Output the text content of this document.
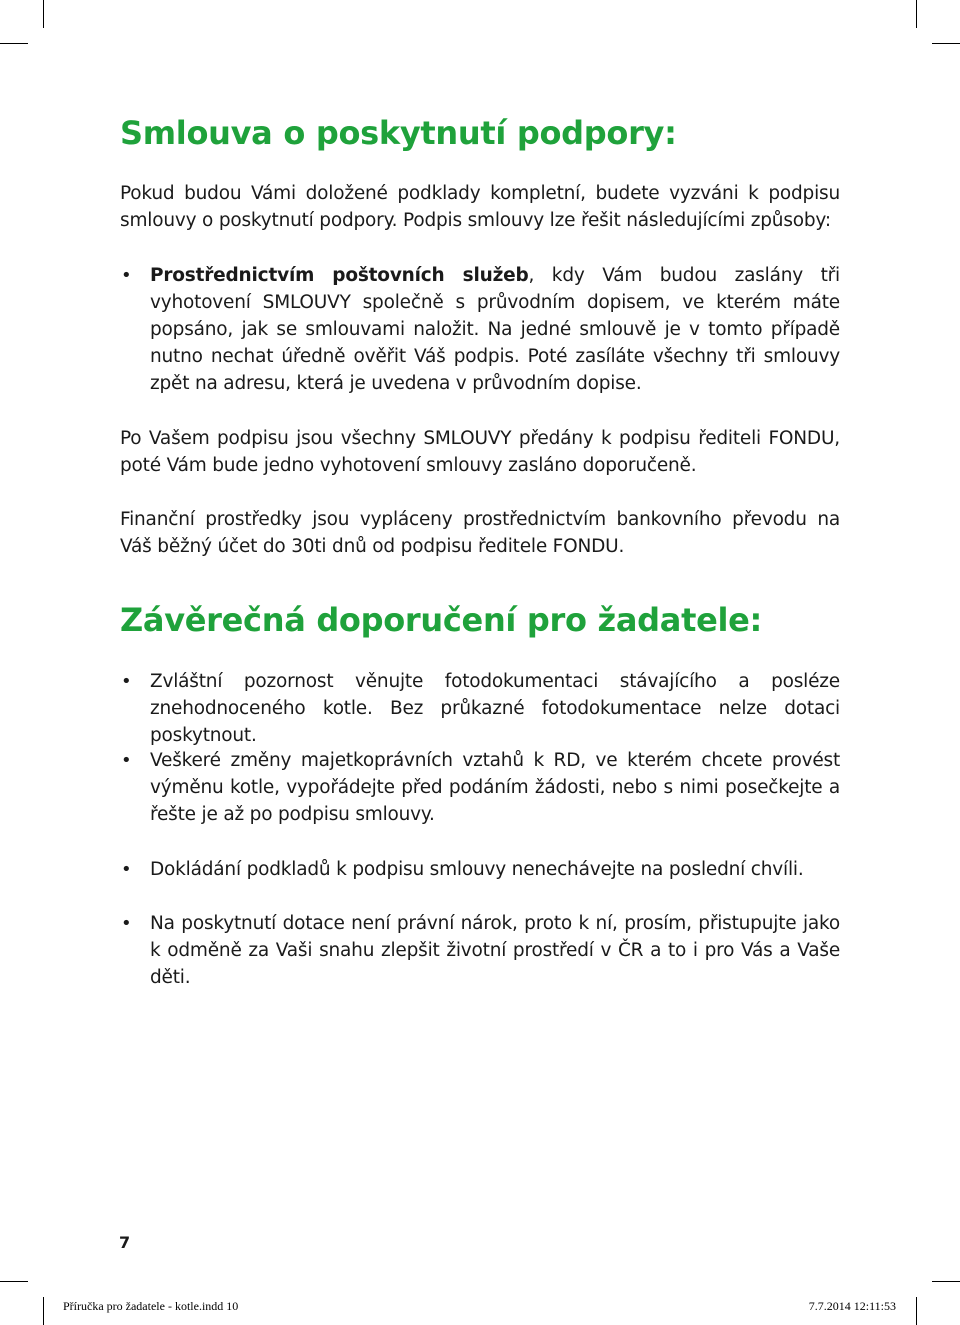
Smlouva o poskytnutí podpory:

Pokud budou Vámi doložené podklady kompletní, budete vyzváni k podpisu smlouvy o poskytnutí podpory. Podpis smlouvy lze řešit následujícími způsoby:

• Prostřednictvím poštovních služeb, kdy Vám budou zaslány tři vyhotovení SMLOUVY společně s průvodním dopisem, ve kterém máte popsáno, jak se smlouvami naložit. Na jedné smlouvě je v tomto případě nutno nechat úředně ověřit Váš podpis. Poté zasíláte všechny tři smlouvy zpět na adresu, která je uvedena v průvodním dopise.

Po Vašem podpisu jsou všechny SMLOUVY předány k podpisu řediteli FONDU, poté Vám bude jedno vyhotovení smlouvy zasláno doporučeně.

Finanční prostředky jsou vypláceny prostřednictvím bankovního převodu na Váš běžný účet do 30ti dnů od podpisu ředitele FONDU.

Závěrečná doporučení pro žadatele:
• Zvláštní pozornost věnujte fotodokumentaci stávajícího a posléze znehodnoceného kotle. Bez průkazné fotodokumentace nelze dotaci poskytnout.

• Veškeré změny majetkoprávních vztahů k RD, ve kterém chcete provést výměnu kotle, vypořádejte před podáním žádosti, nebo s nimi posečkejte a řešte je až po podpisu smlouvy.

• Dokládání podkladů k podpisu smlouvy nenechávejte na poslední chvíli.

• Na poskytnutí dotace není právní nárok, proto k ní, prosím, přistupujte jako k odměně za Vaši snahu zlepšit životní prostředí v ČR a to i pro Vás a Vaše děti.

7

Příručka pro žadatele - kotle.indd 10	7.7.2014 12:11:53
